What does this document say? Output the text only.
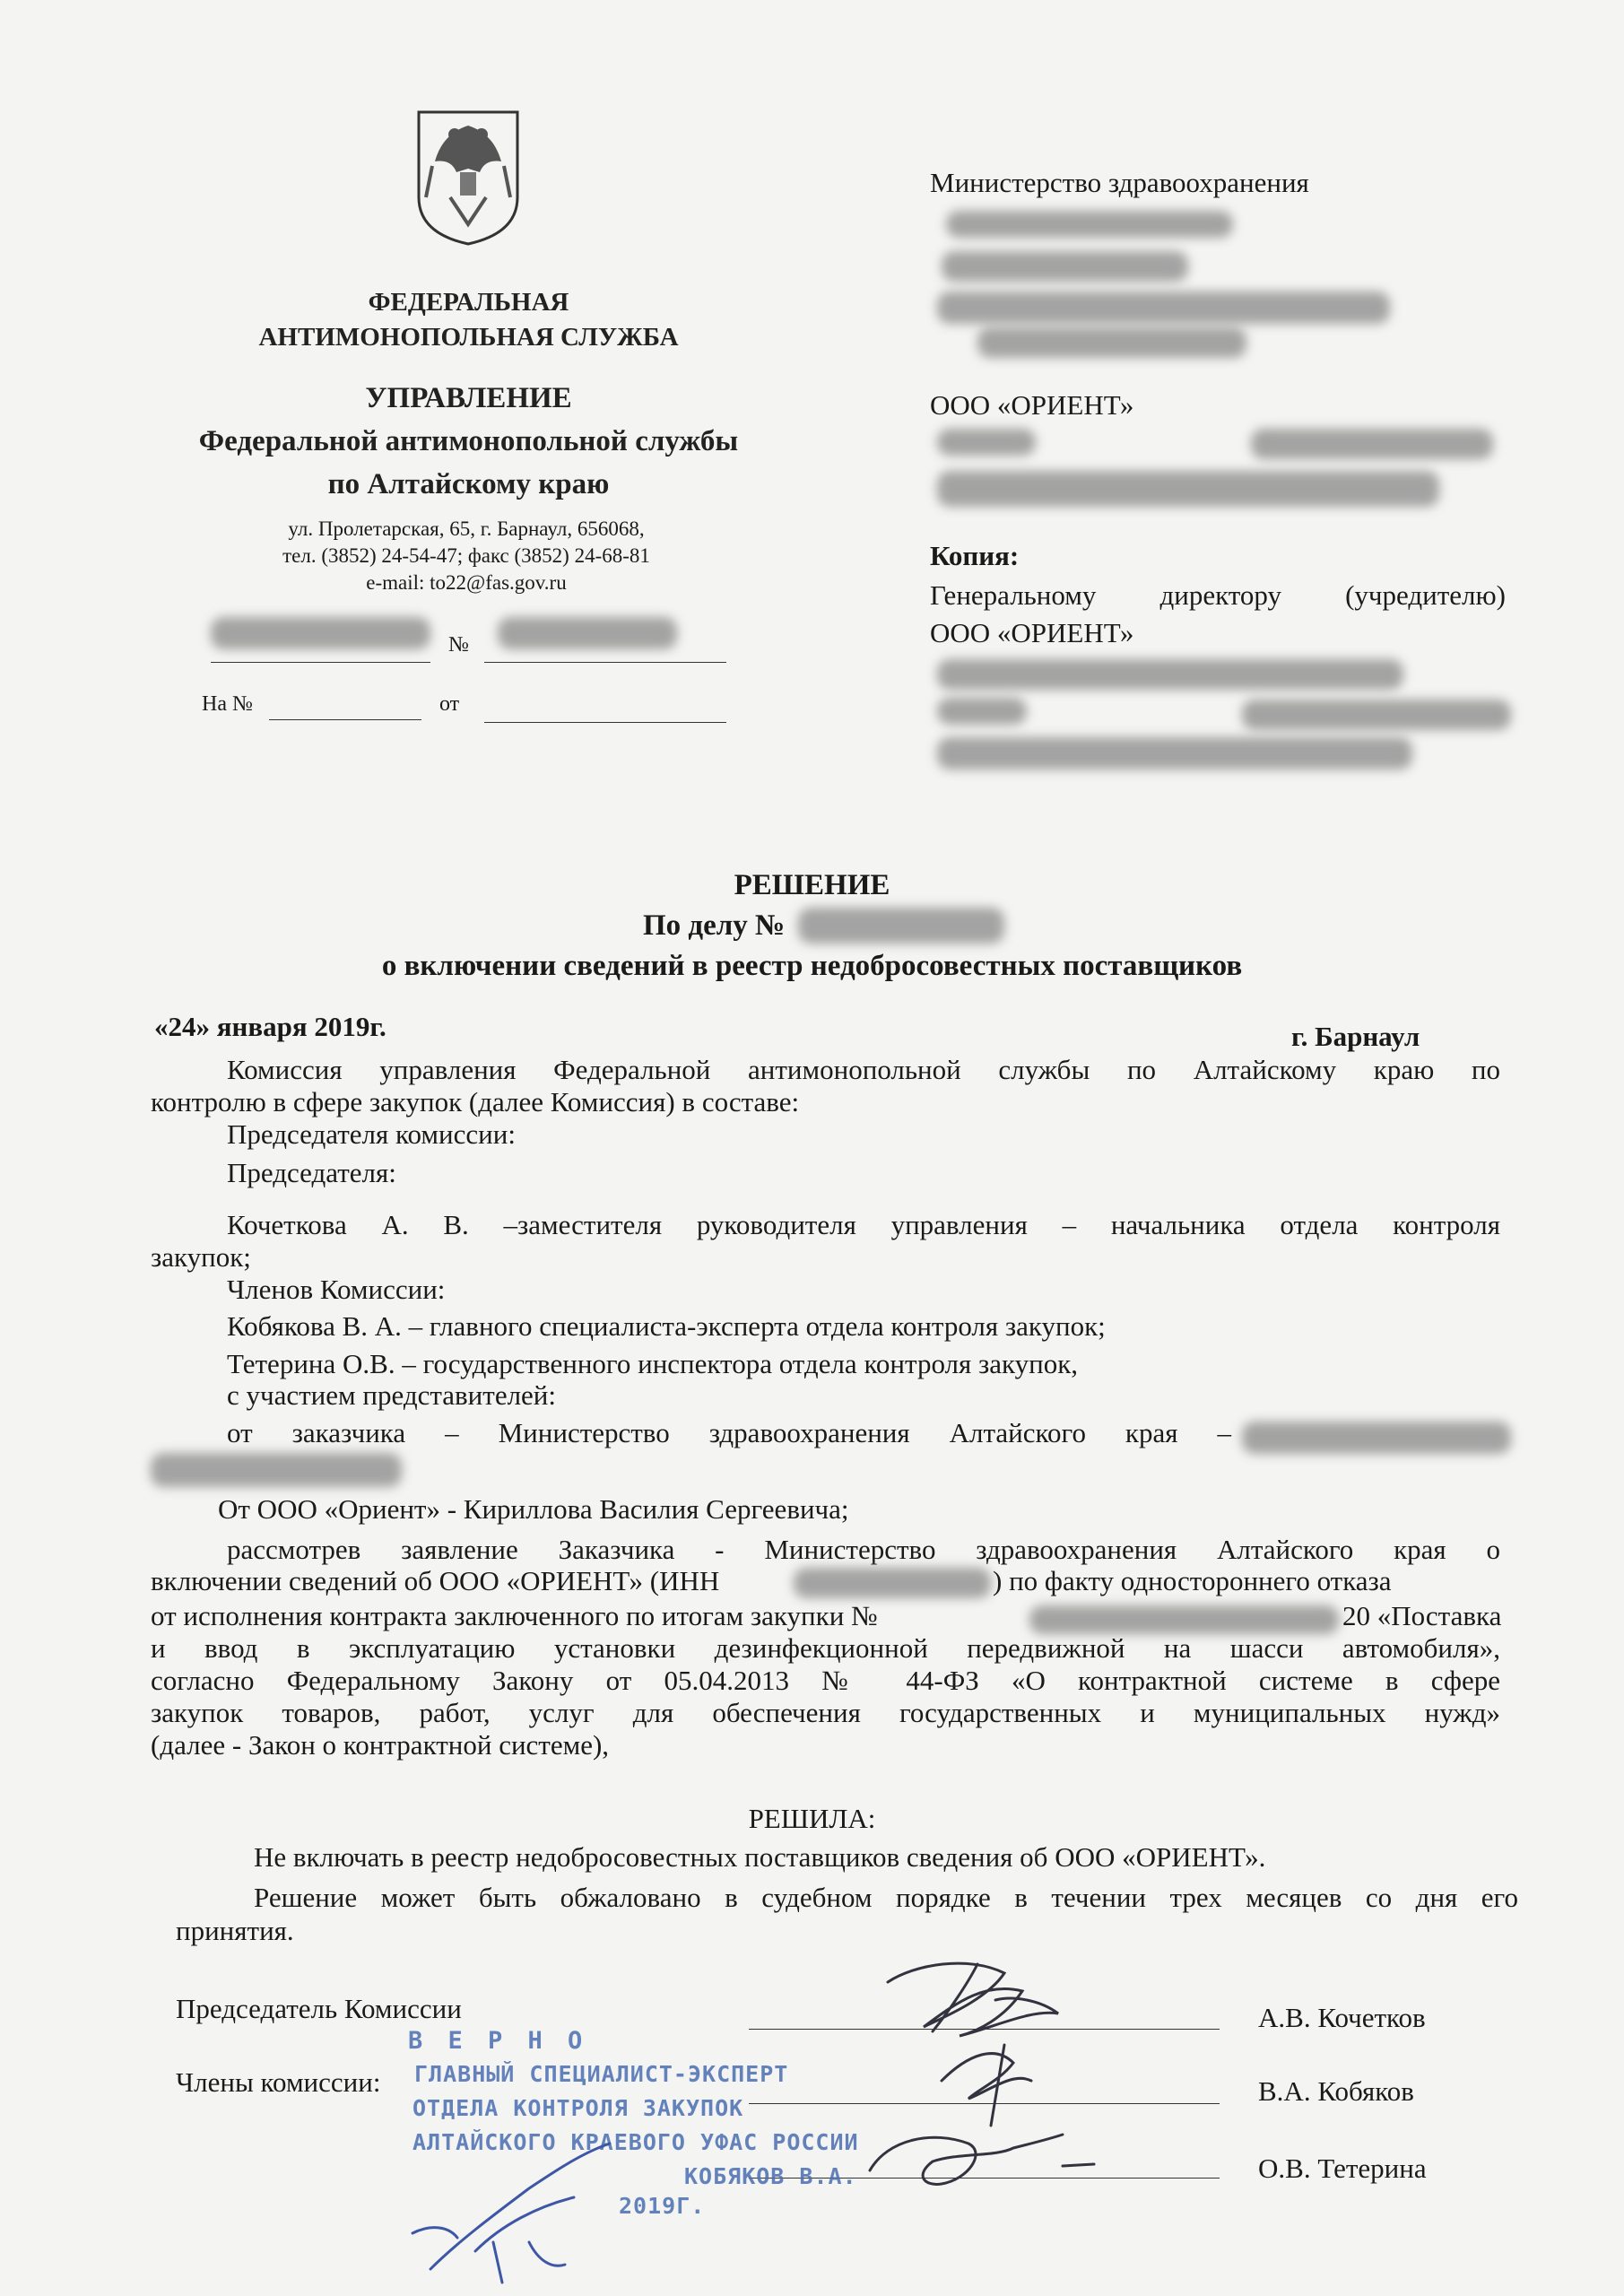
ФЕДЕРАЛЬНАЯ
АНТИМОНОПОЛЬНАЯ СЛУЖБА
УПРАВЛЕНИЕ
Федеральной антимонопольной службы
по Алтайскому краю
ул. Пролетарская, 65, г. Барнаул, 656068,
тел. (3852) 24-54-47; факс (3852) 24-68-81
e-mail: to22@fas.gov.ru
№
На №	от
Министерство здравоохранения
ООО «ОРИЕНТ»
Копия:
Генеральному директору (учредителю)
ООО «ОРИЕНТ»
РЕШЕНИЕ
По делу №
о включении сведений в реестр недобросовестных поставщиков
«24» января 2019г.	г. Барнаул
Комиссия управления Федеральной антимонопольной службы по Алтайскому краю по
контролю в сфере закупок (далее Комиссия) в составе:
Председателя комиссии:
Председателя:
Кочеткова А. В. –заместителя руководителя управления – начальника отдела контроля
закупок;
Членов Комиссии:
Кобякова В. А. – главного специалиста-эксперта отдела контроля закупок;
Тетерина О.В. – государственного инспектора отдела контроля закупок,
с участием представителей:
от заказчика – Министерство здравоохранения Алтайского края –
От ООО «Ориент» - Кириллова Василия Сергеевича;
рассмотрев заявление Заказчика - Министерство здравоохранения Алтайского края о
включении сведений об ООО «ОРИЕНТ» (ИНН	) по факту одностороннего отказа
от исполнения контракта заключенного по итогам закупки №	20 «Поставка
и ввод в эксплуатацию установки дезинфекционной передвижной на шасси автомобиля»,
согласно Федеральному Закону от 05.04.2013 № 44-ФЗ «О контрактной системе в сфере
закупок товаров, работ, услуг для обеспечения государственных и муниципальных нужд»
(далее - Закон о контрактной системе),
РЕШИЛА:
Не включать в реестр недобросовестных поставщиков сведения об ООО «ОРИЕНТ».
Решение может быть обжаловано в судебном порядке в течении трех месяцев со дня его
принятия.
Председатель Комиссии	А.В. Кочетков
Члены комиссии:	В.А. Кобяков
О.В. Тетерина
В Е Р Н О
ГЛАВНЫЙ СПЕЦИАЛИСТ-ЭКСПЕРТ
ОТДЕЛА КОНТРОЛЯ ЗАКУПОК
АЛТАЙСКОГО КРАЕВОГО УФАС РОССИИ
КОБЯКОВ В.А.
2019Г.
